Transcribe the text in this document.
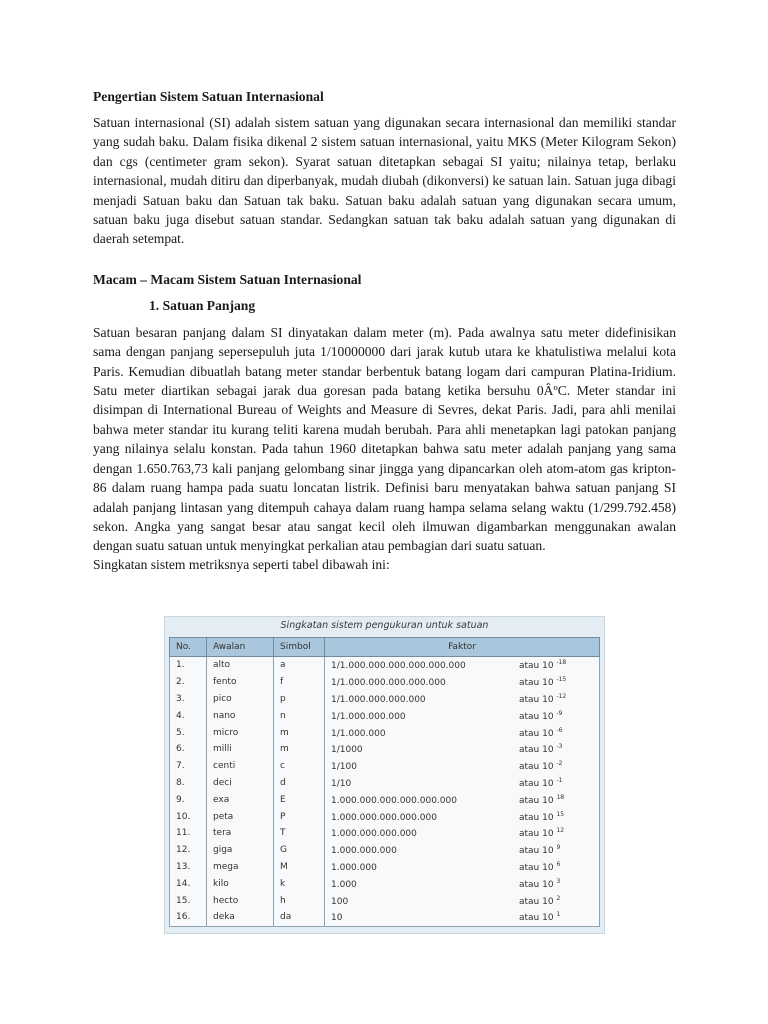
Pengertian Sistem Satuan Internasional

Satuan internasional (SI) adalah sistem satuan yang digunakan secara internasional dan memiliki standar yang sudah baku. Dalam fisika dikenal 2 sistem satuan internasional, yaitu MKS (Meter Kilogram Sekon) dan cgs (centimeter gram sekon). Syarat satuan ditetapkan sebagai SI yaitu; nilainya tetap, berlaku internasional, mudah ditiru dan diperbanyak, mudah diubah (dikonversi) ke satuan lain. Satuan juga dibagi menjadi Satuan baku dan Satuan tak baku. Satuan baku adalah satuan yang digunakan secara umum, satuan baku juga disebut satuan standar. Sedangkan satuan tak baku adalah satuan yang digunakan di daerah setempat.

Macam – Macam Sistem Satuan Internasional

1. Satuan Panjang

Satuan besaran panjang dalam SI dinyatakan dalam meter (m). Pada awalnya satu meter didefinisikan sama dengan panjang sepersepuluh juta 1/10000000 dari jarak kutub utara ke khatulistiwa melalui kota Paris. Kemudian dibuatlah batang meter standar berbentuk batang logam dari campuran Platina-Iridium. Satu meter diartikan sebagai jarak dua goresan pada batang ketika bersuhu 0ÂºC. Meter standar ini disimpan di International Bureau of Weights and Measure di Sevres, dekat Paris. Jadi, para ahli menilai bahwa meter standar itu kurang teliti karena mudah berubah. Para ahli menetapkan lagi patokan panjang yang nilainya selalu konstan. Pada tahun 1960 ditetapkan bahwa satu meter adalah panjang yang sama dengan 1.650.763,73 kali panjang gelombang sinar jingga yang dipancarkan oleh atom-atom gas kripton-86 dalam ruang hampa pada suatu loncatan listrik. Definisi baru menyatakan bahwa satuan panjang SI adalah panjang lintasan yang ditempuh cahaya dalam ruang hampa selama selang waktu (1/299.792.458) sekon. Angka yang sangat besar atau sangat kecil oleh ilmuwan digambarkan menggunakan awalan dengan suatu satuan untuk menyingkat perkalian atau pembagian dari suatu satuan.

Singkatan sistem metriksnya seperti tabel dibawah ini:

Singkatan sistem pengukuran untuk satuan
No.	Awalan	Simbol	Faktor
1.	alto	a	1/1.000.000.000.000.000.000 atau 10 $^{-18}$
2.	fento	f	1/1.000.000.000.000.000 atau 10 $^{-15}$
3.	pico	p	1/1.000.000.000.000 atau 10 $^{-12}$
4.	nano	n	1/1.000.000.000 atau 10 $^{-9}$
5.	micro	m	1/1.000.000 atau 10 $^{-6}$
6.	milli	m	1/1000 atau 10 $^{-3}$
7.	centi	c	1/100 atau 10 $^{-2}$
8.	deci	d	1/10 atau 10 $^{-1}$
9.	exa	E	1.000.000.000.000.000.000 atau 10 $^{18}$
10.	peta	P	1.000.000.000.000.000 atau 10 $^{15}$
11.	tera	T	1.000.000.000.000 atau 10 $^{12}$
12.	giga	G	1.000.000.000 atau 10 $^9$
13.	mega	M	1.000.000 atau 10 $^6$
14.	kilo	k	1.000 atau 10 $^3$
15.	hecto	h	100 atau 10 $^2$
16.	deka	da	10 atau 10 $^1$
